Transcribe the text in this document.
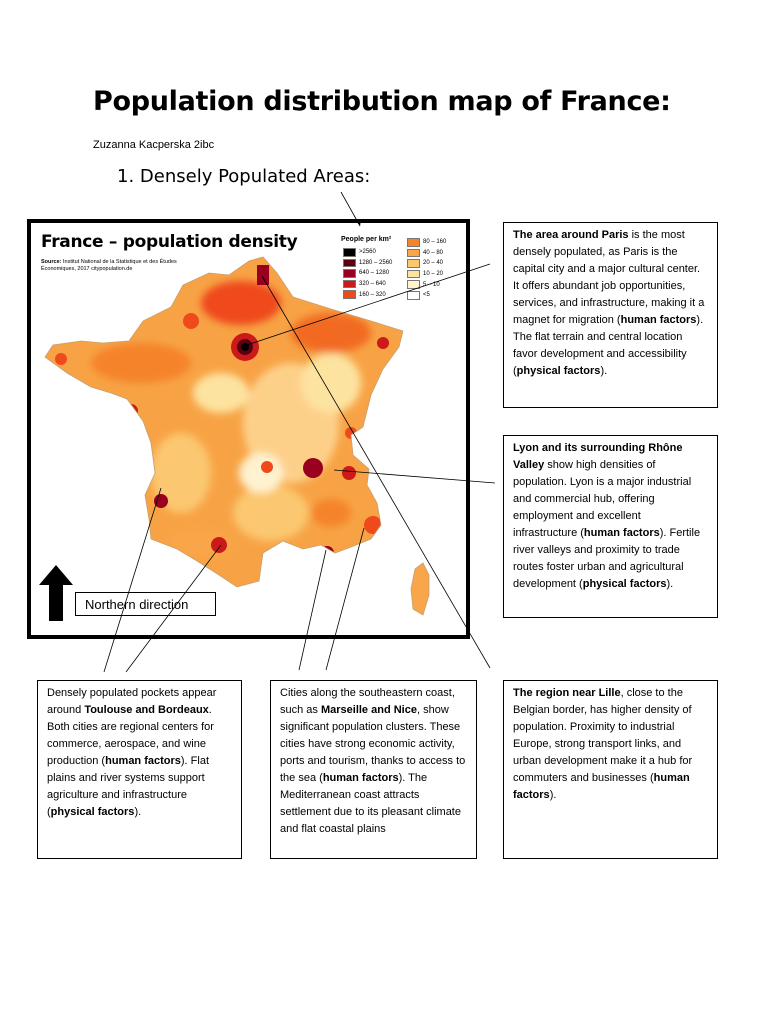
Population distribution map of France:
Zuzanna Kacperska 2ibc
1. Densely Populated Areas:
France – population density
Source: Institut National de la Statistique et des Études Économiques, 2017 citypopulation.de
People per km²
>2560
1280 – 2560
640 – 1280
320 – 640
160 – 320
80 – 160
40 – 80
20 – 40
10 – 20
5 – 10
<5
Northern direction
The area around Paris is the most densely populated, as Paris is the capital city and a major cultural center. It offers abundant job opportunities, services, and infrastructure, making it a magnet for migration (human factors). The flat terrain and central location favor development and accessibility (physical factors).
Lyon and its surrounding Rhône Valley show high densities of population. Lyon is a major industrial and commercial hub, offering employment and excellent infrastructure (human factors). Fertile river valleys and proximity to trade routes foster urban and agricultural development (physical factors).
Densely populated pockets appear around Toulouse and Bordeaux. Both cities are regional centers for commerce, aerospace, and wine production (human factors). Flat plains and river systems support agriculture and infrastructure (physical factors).
Cities along the southeastern coast, such as Marseille and Nice, show significant population clusters. These cities have strong economic activity, ports and tourism, thanks to access to the sea (human factors). The Mediterranean coast attracts settlement due to its pleasant climate and flat coastal plains
The region near Lille, close to the Belgian border, has higher density of population. Proximity to industrial Europe, strong transport links, and urban development make it a hub for commuters and businesses (human factors).
